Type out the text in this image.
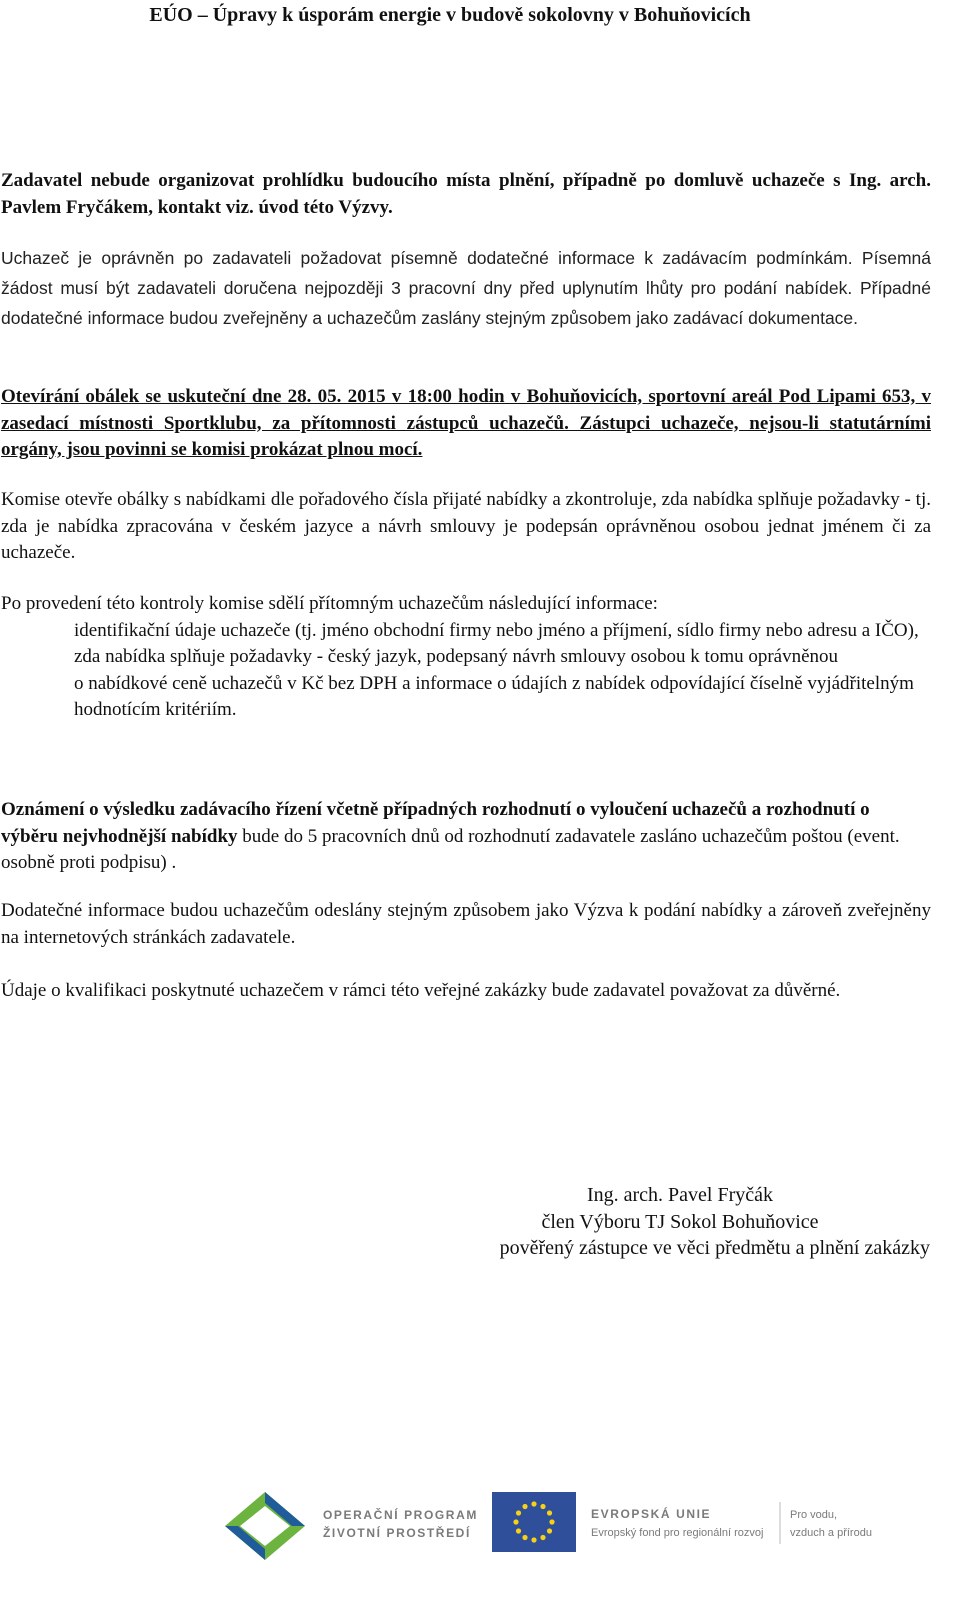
EÚO – Úpravy k úsporám energie v budově sokolovny v Bohuňovicích
Zadavatel nebude organizovat prohlídku budoucího místa plnění, případně po domluvě uchazeče s Ing. arch. Pavlem Fryčákem, kontakt viz. úvod této Výzvy.
Uchazeč je oprávněn po zadavateli požadovat písemně dodatečné informace k zadávacím podmínkám. Písemná žádost musí být zadavateli doručena nejpozději 3 pracovní dny před uplynutím lhůty pro podání nabídek. Případné dodatečné informace budou zveřejněny a uchazečům zaslány stejným způsobem jako zadávací dokumentace.
Otevírání obálek se uskuteční dne 28. 05. 2015 v 18:00 hodin v Bohuňovicích, sportovní areál Pod Lipami 653, v zasedací místnosti Sportklubu, za přítomnosti zástupců uchazečů. Zástupci uchazeče, nejsou-li statutárními orgány, jsou povinni se komisi prokázat plnou mocí.
Komise otevře obálky s nabídkami dle pořadového čísla přijaté nabídky a zkontroluje, zda nabídka splňuje požadavky - tj. zda je nabídka zpracována v českém jazyce a návrh smlouvy je podepsán oprávněnou osobou jednat jménem či za uchazeče.
Po provedení této kontroly komise sdělí přítomným uchazečům následující informace:
identifikační údaje uchazeče (tj. jméno obchodní firmy nebo jméno a příjmení, sídlo firmy nebo adresu a IČO),
zda nabídka splňuje požadavky - český jazyk, podepsaný návrh smlouvy osobou k tomu oprávněnou
o nabídkové ceně uchazečů v Kč bez DPH a informace o údajích z nabídek odpovídající číselně vyjádřitelným hodnotícím kritériím.
Oznámení o výsledku zadávacího řízení včetně případných rozhodnutí o vyloučení uchazečů a rozhodnutí o výběru nejvhodnější nabídky bude do 5 pracovních dnů od rozhodnutí zadavatele zasláno uchazečům poštou (event. osobně proti podpisu) .
Dodatečné informace budou uchazečům odeslány stejným způsobem jako Výzva k podání nabídky a zároveň zveřejněny na internetových stránkách zadavatele.
Údaje o kvalifikaci poskytnuté uchazečem v rámci této veřejné zakázky bude zadavatel považovat za důvěrné.
Ing. arch. Pavel Fryčák
člen Výboru TJ Sokol Bohuňovice
pověřený zástupce ve věci předmětu a plnění zakázky
OPERAČNÍ PROGRAM
ŽIVOTNÍ PROSTŘEDÍ
EVROPSKÁ UNIE
Evropský fond pro regionální rozvoj
Pro vodu,
vzduch a přírodu
